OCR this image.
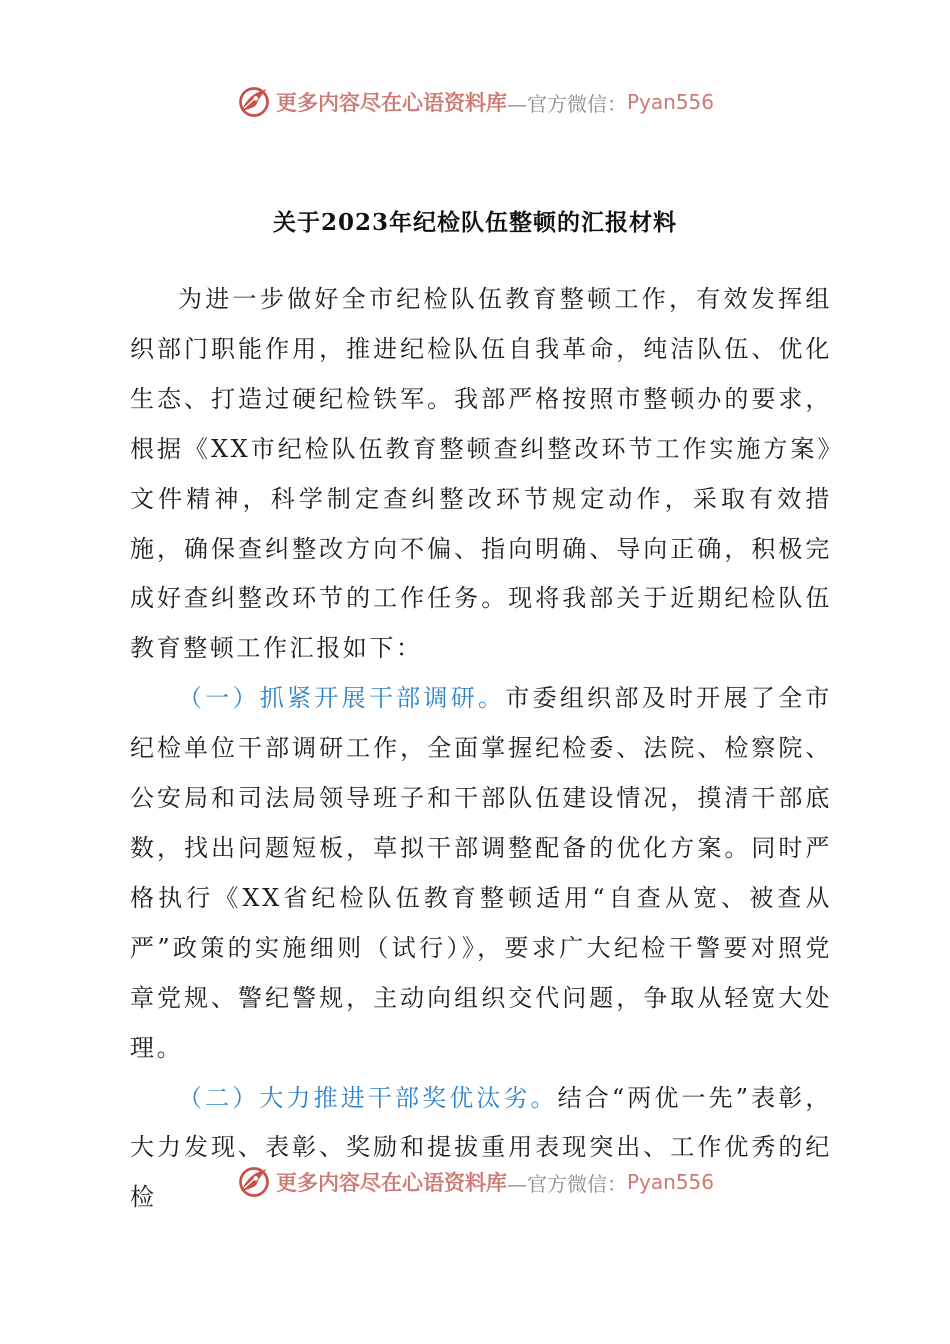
更多内容尽在心语资料库 —官方微信： Pyan556
关于2023年纪检队伍整顿的汇报材料

为进一步做好全市纪检队伍教育整顿工作，有效发挥组织部门职能作用，推进纪检队伍自我革命，纯洁队伍、优化生态、打造过硬纪检铁军。我部严格按照市整顿办的要求，根据《XX市纪检队伍教育整顿查纠整改环节工作实施方案》文件精神，科学制定查纠整改环节规定动作，采取有效措施，确保查纠整改方向不偏、指向明确、导向正确，积极完成好查纠整改环节的工作任务。现将我部关于近期纪检队伍教育整顿工作汇报如下：

（一）抓紧开展干部调研。市委组织部及时开展了全市纪检单位干部调研工作，全面掌握纪检委、法院、检察院、公安局和司法局领导班子和干部队伍建设情况，摸清干部底数，找出问题短板，草拟干部调整配备的优化方案。同时严格执行《XX省纪检队伍教育整顿适用“自查从宽、被查从严”政策的实施细则（试行）》，要求广大纪检干警要对照党章党规、警纪警规，主动向组织交代问题，争取从轻宽大处理。

（二）大力推进干部奖优汰劣。结合“两优一先”表彰，大力发现、表彰、奖励和提拔重用表现突出、工作优秀的纪检

更多内容尽在心语资料库 —官方微信： Pyan556
